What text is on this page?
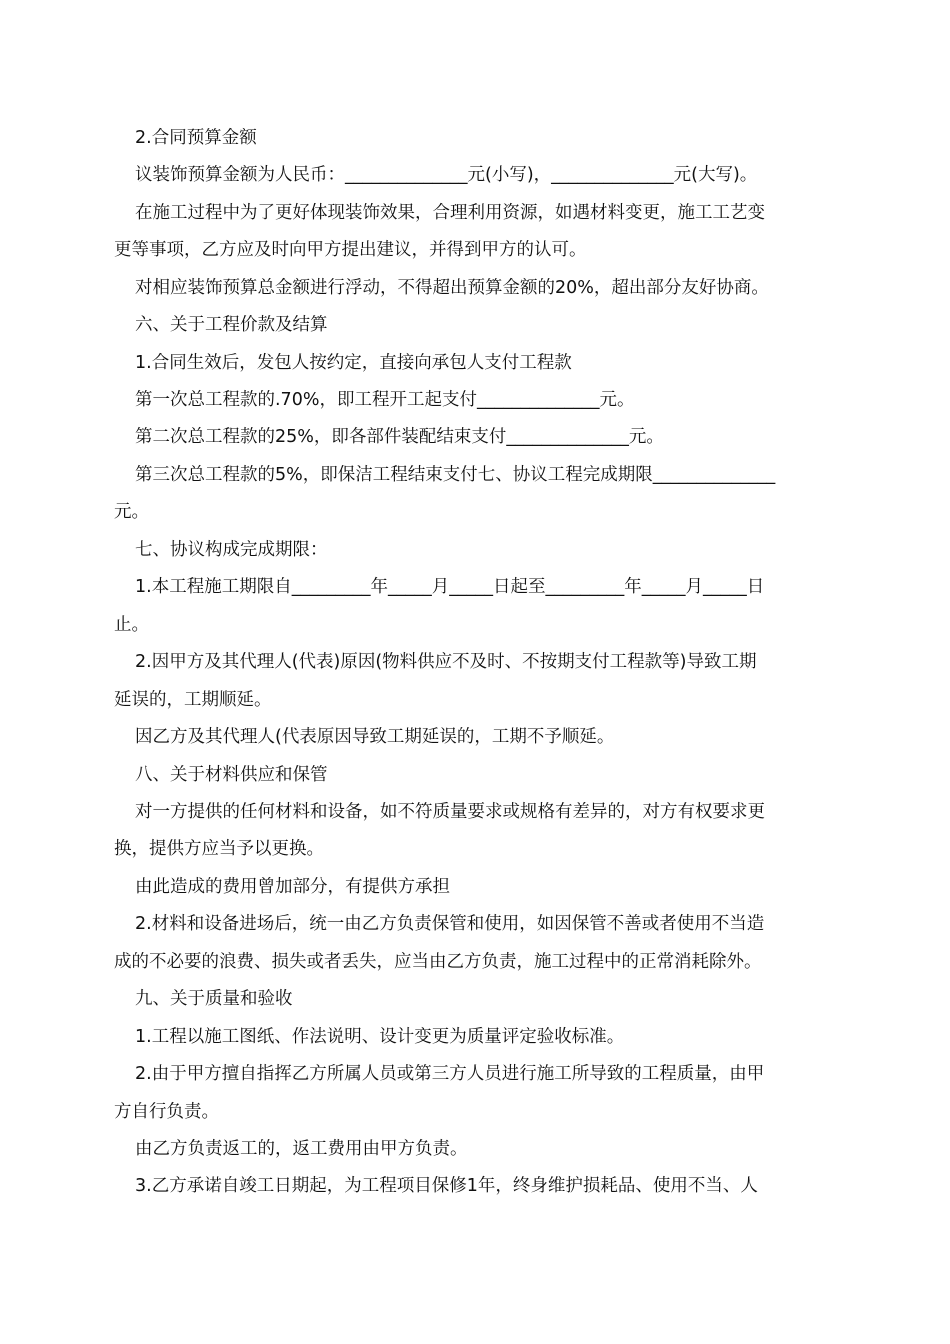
2.合同预算金额
议装饰预算金额为人民币：______________元(小写)，______________元(大写)。
在施工过程中为了更好体现装饰效果，合理利用资源，如遇材料变更，施工工艺变
更等事项，乙方应及时向甲方提出建议，并得到甲方的认可。
对相应装饰预算总金额进行浮动，不得超出预算金额的20%，超出部分友好协商。
六、关于工程价款及结算
1.合同生效后，发包人按约定，直接向承包人支付工程款
第一次总工程款的.70%，即工程开工起支付______________元。
第二次总工程款的25%，即各部件装配结束支付______________元。
第三次总工程款的5%，即保洁工程结束支付七、协议工程完成期限______________
元。
七、协议构成完成期限：
1.本工程施工期限自_________年_____月_____日起至_________年_____月_____日
止。
2.因甲方及其代理人(代表)原因(物料供应不及时、不按期支付工程款等)导致工期
延误的，工期顺延。
因乙方及其代理人(代表原因导致工期延误的，工期不予顺延。
八、关于材料供应和保管
对一方提供的任何材料和设备，如不符质量要求或规格有差异的，对方有权要求更
换，提供方应当予以更换。
由此造成的费用曾加部分，有提供方承担
2.材料和设备进场后，统一由乙方负责保管和使用，如因保管不善或者使用不当造
成的不必要的浪费、损失或者丢失，应当由乙方负责，施工过程中的正常消耗除外。
九、关于质量和验收
1.工程以施工图纸、作法说明、设计变更为质量评定验收标准。
2.由于甲方擅自指挥乙方所属人员或第三方人员进行施工所导致的工程质量，由甲
方自行负责。
由乙方负责返工的，返工费用由甲方负责。
3.乙方承诺自竣工日期起，为工程项目保修1年，终身维护损耗品、使用不当、人
